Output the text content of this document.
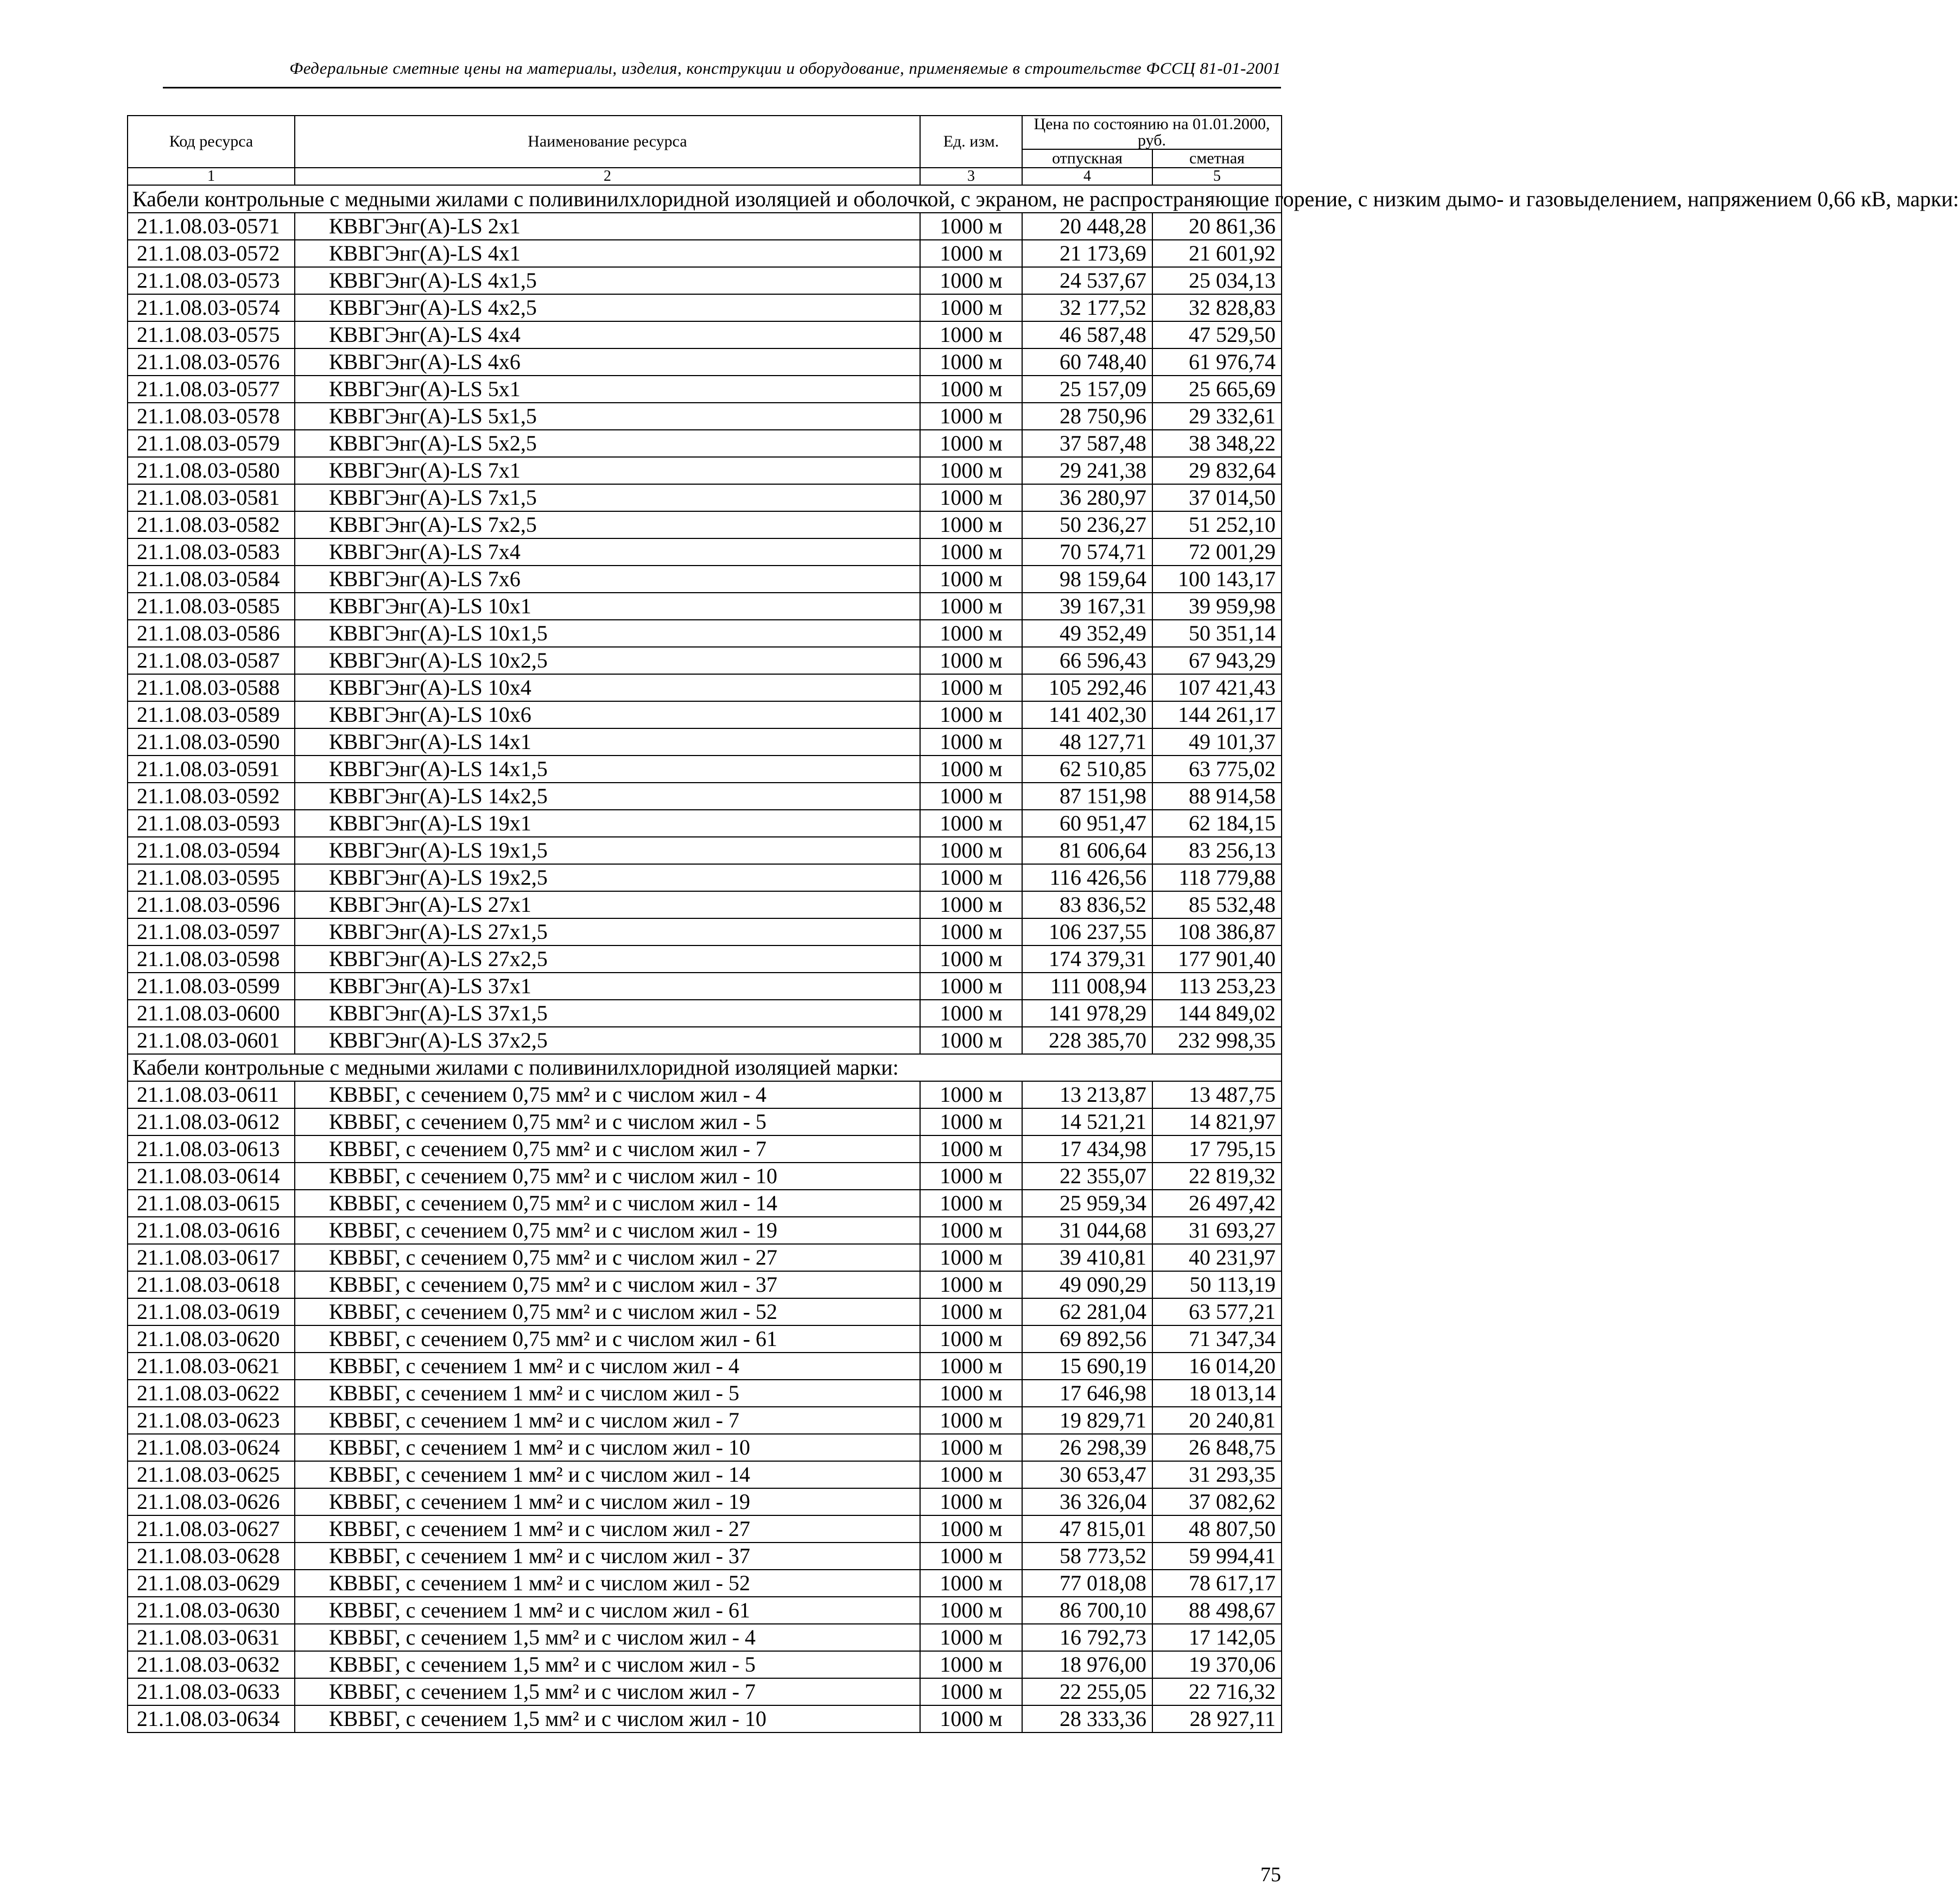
Федеральные сметные цены на материалы, изделия, конструкции и оборудование, применяемые в строительстве ФССЦ 81-01-2001
Код ресурса	Наименование ресурса	Ед. изм.	Цена по состоянию на 01.01.2000, руб.	
			отпускная	сметная
1	2	3	4	5
Кабели контрольные с медными жилами с поливинилхлоридной изоляцией и оболочкой, с экраном, не распространяющие горение, с низким дымо- и газовыделением, напряжением 0,66 кВ, марки:				
21.1.08.03-0571	КВВГЭнг(A)-LS 2х1	1000 м	20 448,28	20 861,36
21.1.08.03-0572	КВВГЭнг(A)-LS 4х1	1000 м	21 173,69	21 601,92
21.1.08.03-0573	КВВГЭнг(A)-LS 4х1,5	1000 м	24 537,67	25 034,13
21.1.08.03-0574	КВВГЭнг(A)-LS 4х2,5	1000 м	32 177,52	32 828,83
21.1.08.03-0575	КВВГЭнг(A)-LS 4х4	1000 м	46 587,48	47 529,50
21.1.08.03-0576	КВВГЭнг(A)-LS 4х6	1000 м	60 748,40	61 976,74
21.1.08.03-0577	КВВГЭнг(A)-LS 5х1	1000 м	25 157,09	25 665,69
21.1.08.03-0578	КВВГЭнг(A)-LS 5х1,5	1000 м	28 750,96	29 332,61
21.1.08.03-0579	КВВГЭнг(A)-LS 5х2,5	1000 м	37 587,48	38 348,22
21.1.08.03-0580	КВВГЭнг(A)-LS 7х1	1000 м	29 241,38	29 832,64
21.1.08.03-0581	КВВГЭнг(A)-LS 7х1,5	1000 м	36 280,97	37 014,50
21.1.08.03-0582	КВВГЭнг(A)-LS 7х2,5	1000 м	50 236,27	51 252,10
21.1.08.03-0583	КВВГЭнг(A)-LS 7х4	1000 м	70 574,71	72 001,29
21.1.08.03-0584	КВВГЭнг(A)-LS 7х6	1000 м	98 159,64	100 143,17
21.1.08.03-0585	КВВГЭнг(A)-LS 10х1	1000 м	39 167,31	39 959,98
21.1.08.03-0586	КВВГЭнг(A)-LS 10х1,5	1000 м	49 352,49	50 351,14
21.1.08.03-0587	КВВГЭнг(A)-LS 10х2,5	1000 м	66 596,43	67 943,29
21.1.08.03-0588	КВВГЭнг(A)-LS 10х4	1000 м	105 292,46	107 421,43
21.1.08.03-0589	КВВГЭнг(A)-LS 10х6	1000 м	141 402,30	144 261,17
21.1.08.03-0590	КВВГЭнг(A)-LS 14х1	1000 м	48 127,71	49 101,37
21.1.08.03-0591	КВВГЭнг(A)-LS 14х1,5	1000 м	62 510,85	63 775,02
21.1.08.03-0592	КВВГЭнг(A)-LS 14х2,5	1000 м	87 151,98	88 914,58
21.1.08.03-0593	КВВГЭнг(A)-LS 19х1	1000 м	60 951,47	62 184,15
21.1.08.03-0594	КВВГЭнг(A)-LS 19х1,5	1000 м	81 606,64	83 256,13
21.1.08.03-0595	КВВГЭнг(A)-LS 19х2,5	1000 м	116 426,56	118 779,88
21.1.08.03-0596	КВВГЭнг(A)-LS 27х1	1000 м	83 836,52	85 532,48
21.1.08.03-0597	КВВГЭнг(A)-LS 27х1,5	1000 м	106 237,55	108 386,87
21.1.08.03-0598	КВВГЭнг(A)-LS 27х2,5	1000 м	174 379,31	177 901,40
21.1.08.03-0599	КВВГЭнг(A)-LS 37х1	1000 м	111 008,94	113 253,23
21.1.08.03-0600	КВВГЭнг(A)-LS 37х1,5	1000 м	141 978,29	144 849,02
21.1.08.03-0601	КВВГЭнг(A)-LS 37х2,5	1000 м	228 385,70	232 998,35
Кабели контрольные с медными жилами с поливинилхлоридной изоляцией марки:				
21.1.08.03-0611	КВВБГ, с сечением 0,75 мм² и с числом жил - 4	1000 м	13 213,87	13 487,75
21.1.08.03-0612	КВВБГ, с сечением 0,75 мм² и с числом жил - 5	1000 м	14 521,21	14 821,97
21.1.08.03-0613	КВВБГ, с сечением 0,75 мм² и с числом жил - 7	1000 м	17 434,98	17 795,15
21.1.08.03-0614	КВВБГ, с сечением 0,75 мм² и с числом жил - 10	1000 м	22 355,07	22 819,32
21.1.08.03-0615	КВВБГ, с сечением 0,75 мм² и с числом жил - 14	1000 м	25 959,34	26 497,42
21.1.08.03-0616	КВВБГ, с сечением 0,75 мм² и с числом жил - 19	1000 м	31 044,68	31 693,27
21.1.08.03-0617	КВВБГ, с сечением 0,75 мм² и с числом жил - 27	1000 м	39 410,81	40 231,97
21.1.08.03-0618	КВВБГ, с сечением 0,75 мм² и с числом жил - 37	1000 м	49 090,29	50 113,19
21.1.08.03-0619	КВВБГ, с сечением 0,75 мм² и с числом жил - 52	1000 м	62 281,04	63 577,21
21.1.08.03-0620	КВВБГ, с сечением 0,75 мм² и с числом жил - 61	1000 м	69 892,56	71 347,34
21.1.08.03-0621	КВВБГ, с сечением 1 мм² и с числом жил - 4	1000 м	15 690,19	16 014,20
21.1.08.03-0622	КВВБГ, с сечением 1 мм² и с числом жил - 5	1000 м	17 646,98	18 013,14
21.1.08.03-0623	КВВБГ, с сечением 1 мм² и с числом жил - 7	1000 м	19 829,71	20 240,81
21.1.08.03-0624	КВВБГ, с сечением 1 мм² и с числом жил - 10	1000 м	26 298,39	26 848,75
21.1.08.03-0625	КВВБГ, с сечением 1 мм² и с числом жил - 14	1000 м	30 653,47	31 293,35
21.1.08.03-0626	КВВБГ, с сечением 1 мм² и с числом жил - 19	1000 м	36 326,04	37 082,62
21.1.08.03-0627	КВВБГ, с сечением 1 мм² и с числом жил - 27	1000 м	47 815,01	48 807,50
21.1.08.03-0628	КВВБГ, с сечением 1 мм² и с числом жил - 37	1000 м	58 773,52	59 994,41
21.1.08.03-0629	КВВБГ, с сечением 1 мм² и с числом жил - 52	1000 м	77 018,08	78 617,17
21.1.08.03-0630	КВВБГ, с сечением 1 мм² и с числом жил - 61	1000 м	86 700,10	88 498,67
21.1.08.03-0631	КВВБГ, с сечением 1,5 мм² и с числом жил - 4	1000 м	16 792,73	17 142,05
21.1.08.03-0632	КВВБГ, с сечением 1,5 мм² и с числом жил - 5	1000 м	18 976,00	19 370,06
21.1.08.03-0633	КВВБГ, с сечением 1,5 мм² и с числом жил - 7	1000 м	22 255,05	22 716,32
21.1.08.03-0634	КВВБГ, с сечением 1,5 мм² и с числом жил - 10	1000 м	28 333,36	28 927,11
75
